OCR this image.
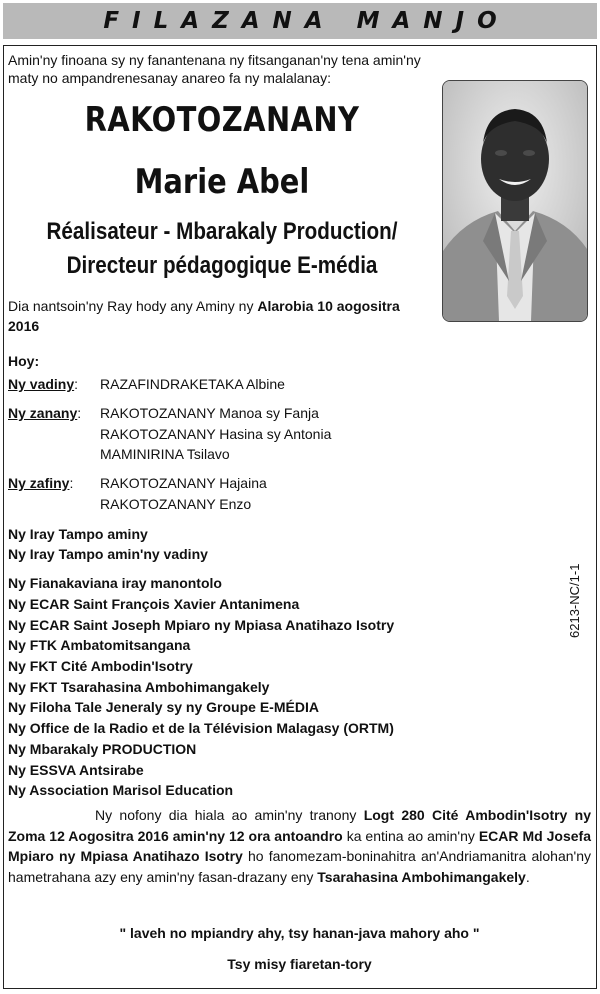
FILAZANA MANJO
Amin'ny finoana sy ny fanantenana ny fitsanganan'ny tena amin'ny maty no ampandrenesanay anareo fa ny malalanay:
RAKOTOZANANY
Marie Abel
Réalisateur - Mbarakaly Production/
Directeur pédagogique E-média
Dia nantsoin'ny Ray hody any Aminy ny Alarobia 10 aogositra
2016
Hoy:
Ny vadiny: RAZAFINDRAKETAKA Albine
Ny zanany: RAKOTOZANANY Manoa sy Fanja
RAKOTOZANANY Hasina sy Antonia
MAMINIRINA Tsilavo
Ny zafiny: RAKOTOZANANY Hajaina
RAKOTOZANANY Enzo
Ny Iray Tampo aminy
Ny Iray Tampo amin'ny vadiny
Ny Fianakaviana iray manontolo
Ny ECAR Saint François Xavier Antanimena
Ny ECAR Saint Joseph Mpiaro ny Mpiasa Anatihazo Isotry
Ny FTK Ambatomitsangana
Ny FKT Cité Ambodin'Isotry
Ny FKT Tsarahasina Ambohimangakely
Ny Filoha Tale Jeneraly sy ny Groupe E-MÉDIA
Ny Office de la Radio et de la Télévision Malagasy (ORTM)
Ny Mbarakaly PRODUCTION
Ny ESSVA Antsirabe
Ny Association Marisol Education
6213-NC/1-1
Ny nofony dia hiala ao amin'ny tranony Logt 280 Cité Ambodin'Isotry ny Zoma 12 Aogositra 2016 amin'ny 12 ora antoandro ka entina ao amin'ny ECAR Md Josefa Mpiaro ny Mpiasa Anatihazo Isotry ho fanomezam-boninahitra an'Andriamanitra alohan'ny hametrahana azy eny amin'ny fasan-drazany eny Tsarahasina Ambohimangakely.
" laveh no mpiandry ahy, tsy hanan-java mahory aho "
Tsy misy fiaretan-tory
